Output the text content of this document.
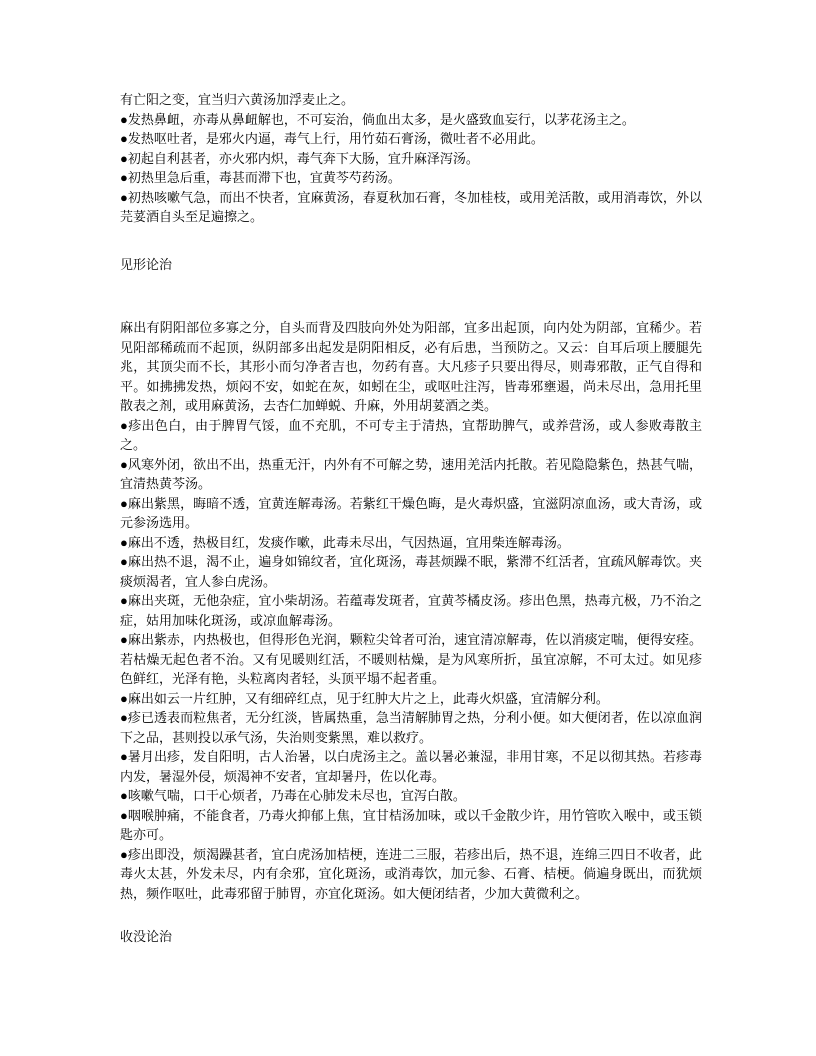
有亡阳之变，宜当归六黄汤加浮麦止之。

●发热鼻衄，亦毒从鼻衄解也，不可妄治，倘血出太多，是火盛致血妄行，以茅花汤主之。

●发热呕吐者，是邪火内逼，毒气上行，用竹茹石膏汤，微吐者不必用此。

●初起自利甚者，亦火邪内炽，毒气奔下大肠，宜升麻泽泻汤。

●初热里急后重，毒甚而滞下也，宜黄芩芍药汤。

●初热咳嗽气急，而出不快者，宜麻黄汤，春夏秋加石膏，冬加桂枝，或用羌活散，或用消毒饮，外以芫荽酒自头至足遍擦之。

见形论治

麻出有阴阳部位多寡之分，自头而背及四肢向外处为阳部，宜多出起顶，向内处为阴部，宜稀少。若见阳部稀疏而不起顶，纵阴部多出起发是阴阳相反，必有后患，当预防之。又云：自耳后项上腰腿先兆，其顶尖而不长，其形小而匀净者吉也，勿药有喜。大凡疹子只要出得尽，则毒邪散，正气自得和平。如拂拂发热，烦闷不安，如蛇在灰，如蚓在尘，或呕吐注泻，皆毒邪壅遏，尚未尽出，急用托里散表之剂，或用麻黄汤，去杏仁加蝉蜕、升麻，外用胡荽酒之类。

●疹出色白，由于脾胃气馁，血不充肌，不可专主于清热，宜帮助脾气，或养营汤，或人参败毒散主之。

●风寒外闭，欲出不出，热重无汗，内外有不可解之势，速用羌活内托散。若见隐隐紫色，热甚气喘，宜清热黄芩汤。

●麻出紫黑，晦暗不透，宜黄连解毒汤。若紫红干燥色晦，是火毒炽盛，宜滋阴凉血汤，或大青汤，或元参汤选用。

●麻出不透，热极目红，发痰作嗽，此毒未尽出，气因热逼，宜用柴连解毒汤。

●麻出热不退，渴不止，遍身如锦纹者，宜化斑汤，毒甚烦躁不眠，紫滞不红活者，宜疏风解毒饮。夹痰烦渴者，宜人参白虎汤。

●麻出夹斑，无他杂症，宜小柴胡汤。若蕴毒发斑者，宜黄芩橘皮汤。疹出色黑，热毒亢极，乃不治之症，姑用加味化斑汤，或凉血解毒汤。

●麻出紫赤，内热极也，但得形色光润，颗粒尖耸者可治，速宜清凉解毒，佐以消痰定喘，便得安痊。若枯燥无起色者不治。又有见暖则红活，不暖则枯燥，是为风寒所折，虽宜凉解，不可太过。如见疹色鲜红，光泽有艳，头粒离肉者轻，头顶平塌不起者重。

●麻出如云一片红肿，又有细碎红点，见于红肿大片之上，此毒火炽盛，宜清解分利。

●疹已透表而粒焦者，无分红淡，皆属热重，急当清解肺胃之热，分利小便。如大便闭者，佐以凉血润下之品，甚则投以承气汤，失治则变紫黑，难以救疗。

●暑月出疹，发自阳明，古人治暑，以白虎汤主之。盖以暑必兼湿，非用甘寒，不足以彻其热。若疹毒内发，暑湿外侵，烦渴神不安者，宜却暑丹，佐以化毒。

●咳嗽气喘，口干心烦者，乃毒在心肺发未尽也，宜泻白散。

●咽喉肿痛，不能食者，乃毒火抑郁上焦，宜甘桔汤加味，或以千金散少许，用竹管吹入喉中，或玉锁匙亦可。

●疹出即没，烦渴躁甚者，宜白虎汤加桔梗，连进二三服，若疹出后，热不退，连绵三四日不收者，此毒火太甚，外发未尽，内有余邪，宜化斑汤，或消毒饮，加元参、石膏、桔梗。倘遍身既出，而犹烦热，频作呕吐，此毒邪留于肺胃，亦宜化斑汤。如大便闭结者，少加大黄微利之。

收没论治
